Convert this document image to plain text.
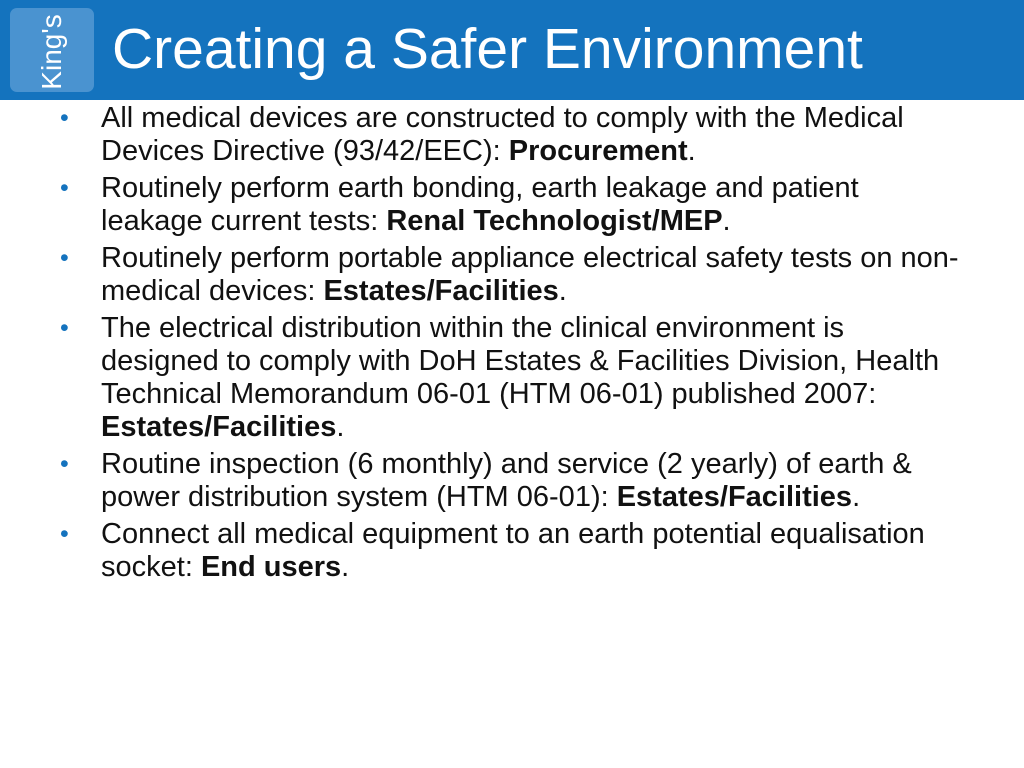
King's Creating a Safer Environment
• All medical devices are constructed to comply with the Medical Devices Directive (93/42/EEC): Procurement.
• Routinely perform earth bonding, earth leakage and patient leakage current tests: Renal Technologist/MEP.
• Routinely perform portable appliance electrical safety tests on non-medical devices: Estates/Facilities.
• The electrical distribution within the clinical environment is designed to comply with DoH Estates & Facilities Division, Health Technical Memorandum 06-01 (HTM 06-01) published 2007: Estates/Facilities.
• Routine inspection (6 monthly) and service (2 yearly) of earth & power distribution system (HTM 06-01): Estates/Facilities.
• Connect all medical equipment to an earth potential equalisation socket: End users.
